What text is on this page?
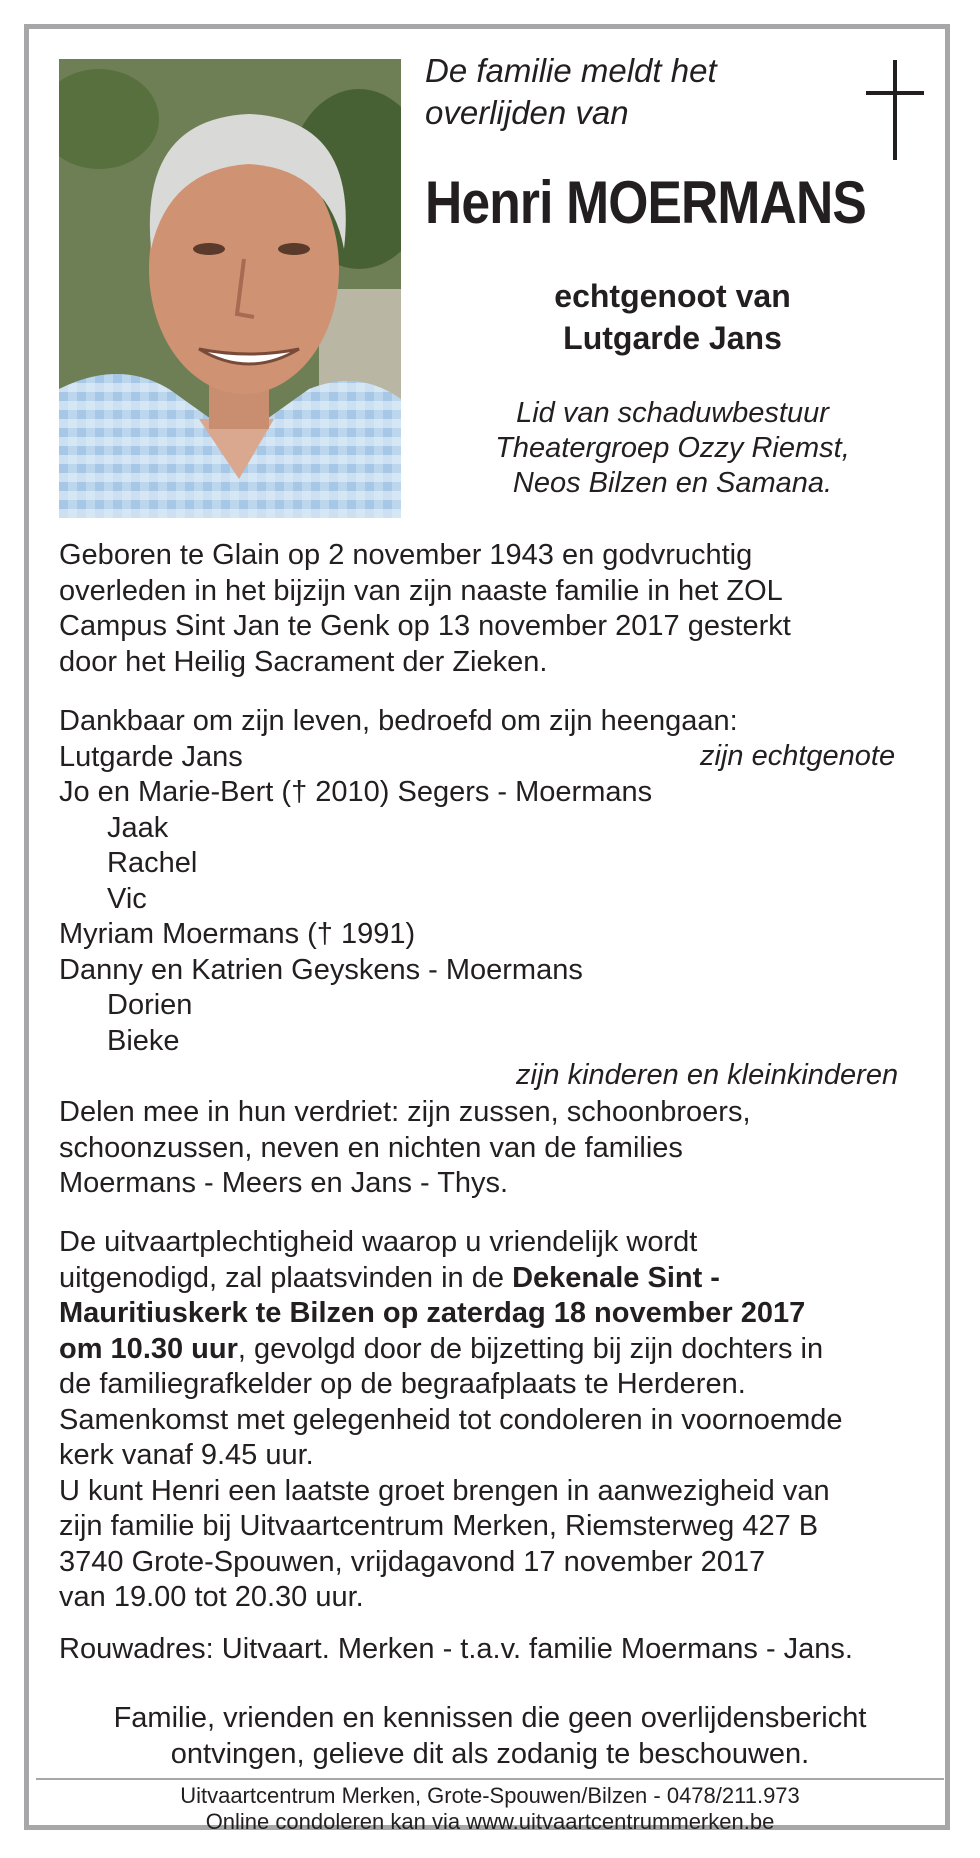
De familie meldt het
overlijden van
Henri MOERMANS
echtgenoot van
Lutgarde Jans
Lid van schaduwbestuur
Theatergroep Ozzy Riemst,
Neos Bilzen en Samana.
Geboren te Glain op 2 november 1943 en godvruchtig
overleden in het bijzijn van zijn naaste familie in het ZOL
Campus Sint Jan te Genk op 13 november 2017 gesterkt
door het Heilig Sacrament der Zieken.
Dankbaar om zijn leven, bedroefd om zijn heengaan:
Lutgarde Jans
Jo en Marie-Bert († 2010) Segers - Moermans
Jaak
Rachel
Vic
Myriam Moermans († 1991)
Danny en Katrien Geyskens - Moermans
Dorien
Bieke
zijn echtgenote
zijn kinderen en kleinkinderen
Delen mee in hun verdriet: zijn zussen, schoonbroers,
schoonzussen, neven en nichten van de families
Moermans - Meers en Jans - Thys.
De uitvaartplechtigheid waarop u vriendelijk wordt
uitgenodigd, zal plaatsvinden in de Dekenale Sint -
Mauritiuskerk te Bilzen op zaterdag 18 november 2017
om 10.30 uur, gevolgd door de bijzetting bij zijn dochters in
de familiegrafkelder op de begraafplaats te Herderen.
Samenkomst met gelegenheid tot condoleren in voornoemde
kerk vanaf 9.45 uur.
U kunt Henri een laatste groet brengen in aanwezigheid van
zijn familie bij Uitvaartcentrum Merken, Riemsterweg 427 B
3740 Grote-Spouwen, vrijdagavond 17 november 2017
van 19.00 tot 20.30 uur.
Rouwadres: Uitvaart. Merken - t.a.v. familie Moermans - Jans.
Familie, vrienden en kennissen die geen overlijdensbericht
ontvingen, gelieve dit als zodanig te beschouwen.
Uitvaartcentrum Merken, Grote-Spouwen/Bilzen - 0478/211.973
Online condoleren kan via www.uitvaartcentrummerken.be
